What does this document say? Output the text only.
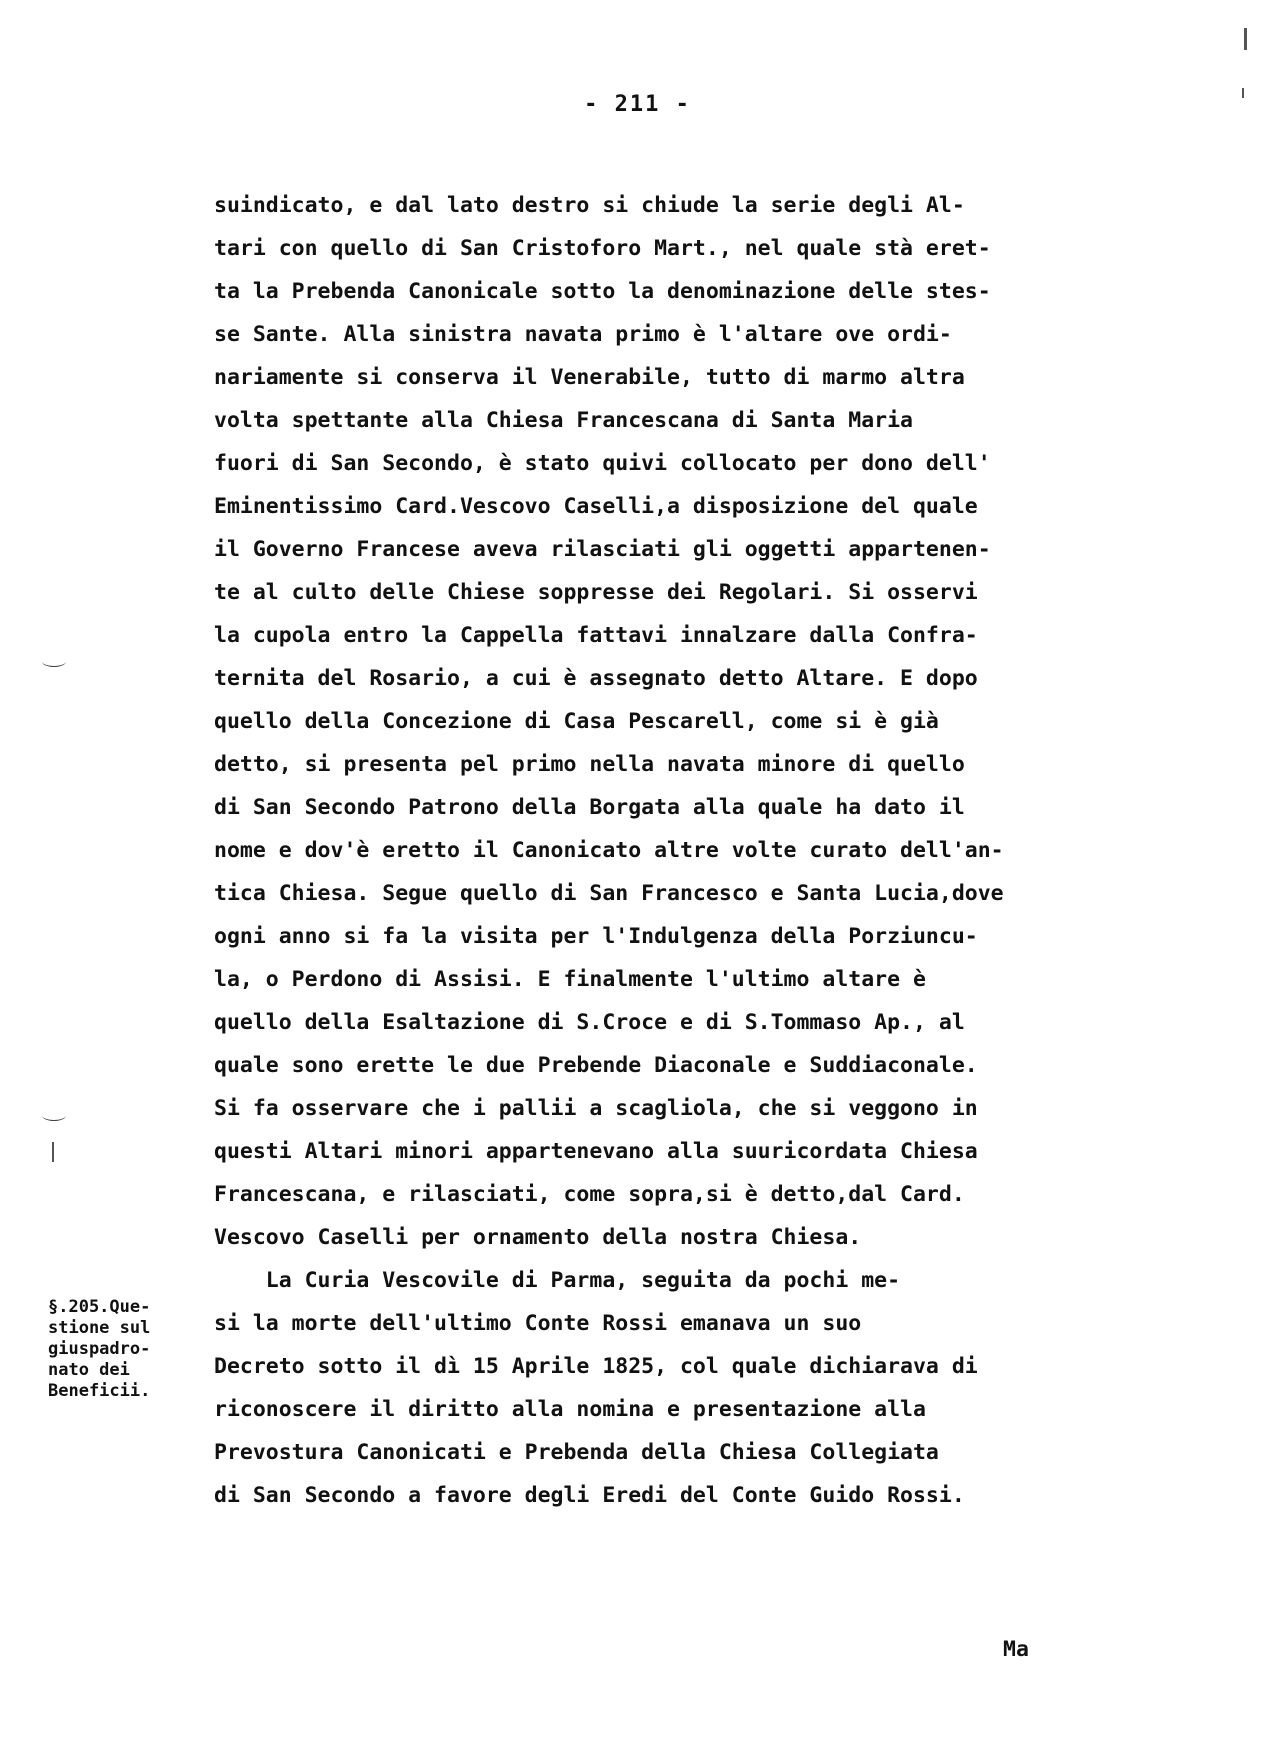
- 211 -
suindicato, e dal lato destro si chiude la serie degli Al-
tari con quello di San Cristoforo Mart., nel quale stà eret-
ta la Prebenda Canonicale sotto la denominazione delle stes-
se Sante. Alla sinistra navata primo è l'altare ove ordi-
nariamente si conserva il Venerabile, tutto di marmo altra
volta spettante alla Chiesa Francescana di Santa Maria
fuori di San Secondo, è stato quivi collocato per dono dell'
Eminentissimo Card.Vescovo Caselli,a disposizione del quale
il Governo Francese aveva rilasciati gli oggetti appartenen-
te al culto delle Chiese soppresse dei Regolari. Si osservi
la cupola entro la Cappella fattavi innalzare dalla Confra-
ternita del Rosario, a cui è assegnato detto Altare. E dopo
quello della Concezione di Casa Pescarell, come si è già
detto, si presenta pel primo nella navata minore di quello
di San Secondo Patrono della Borgata alla quale ha dato il
nome e dov'è eretto il Canonicato altre volte curato dell'an-
tica Chiesa. Segue quello di San Francesco e Santa Lucia,dove
ogni anno si fa la visita per l'Indulgenza della Porziuncu-
la, o Perdono di Assisi. E finalmente l'ultimo altare è
quello della Esaltazione di S.Croce e di S.Tommaso Ap., al
quale sono erette le due Prebende Diaconale e Suddiaconale.
Si fa osservare che i pallii a scagliola, che si veggono in
questi Altari minori appartenevano alla suuricordata Chiesa
Francescana, e rilasciati, come sopra,si è detto,dal Card.
Vescovo Caselli per ornamento della nostra Chiesa.
La Curia Vescovile di Parma, seguita da pochi me-
si la morte dell'ultimo Conte Rossi emanava un suo
Decreto sotto il dì 15 Aprile 1825, col quale dichiarava di
riconoscere il diritto alla nomina e presentazione alla
Prevostura Canonicati e Prebenda della Chiesa Collegiata
di San Secondo a favore degli Eredi del Conte Guido Rossi.
§.205.Que-
stione sul
giuspadro-
nato dei
Beneficii.
Ma
